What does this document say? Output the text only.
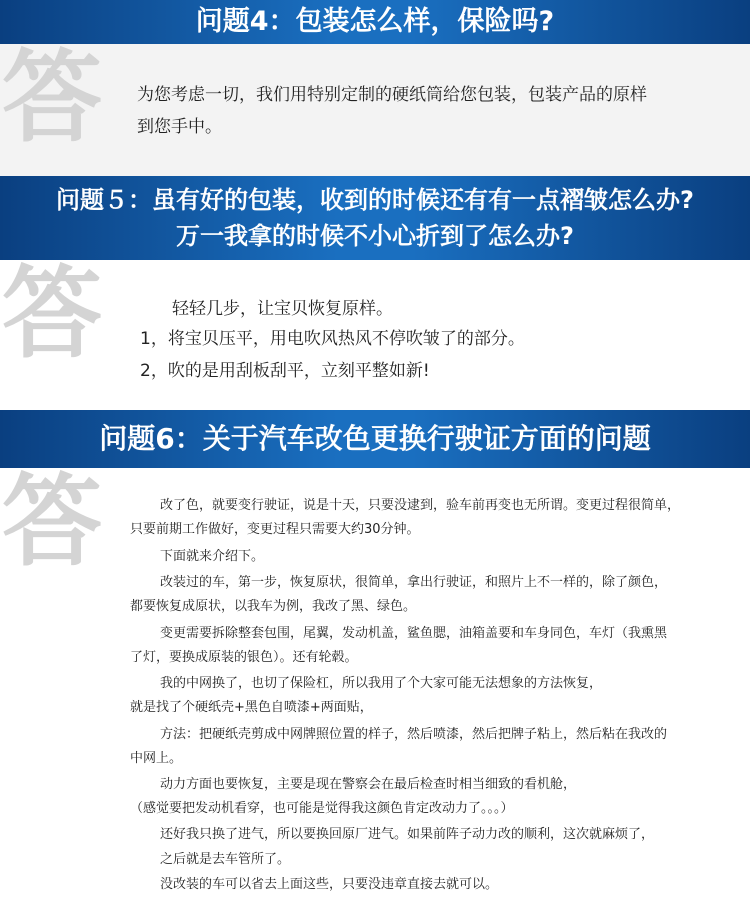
问题4：包装怎么样，保险吗?
答 为您考虑一切，我们用特别定制的硬纸筒给您包装，包装产品的原样
到您手中。
问题５：虽有好的包装，收到的时候还有有一点褶皱怎么办?
万一我拿的时候不小心折到了怎么办?
答	轻轻几步，让宝贝恢复原样。
1，将宝贝压平，用电吹风热风不停吹皱了的部分。
2，吹的是用刮板刮平，立刻平整如新!
问题6：关于汽车改色更换行驶证方面的问题
答	改了色，就要变行驶证，说是十天，只要没逮到，验车前再变也无所谓。变更过程很简单，
只要前期工作做好，变更过程只需要大约30分钟。
下面就来介绍下。
改装过的车，第一步，恢复原状，很简单，拿出行驶证，和照片上不一样的，除了颜色，
都要恢复成原状，以我车为例，我改了黑、绿色。
变更需要拆除整套包围，尾翼，发动机盖，鲨鱼腮，油箱盖要和车身同色，车灯（我熏黑
了灯，要换成原装的银色）。还有轮毂。
我的中网换了，也切了保险杠，所以我用了个大家可能无法想象的方法恢复，
就是找了个硬纸壳+黑色自喷漆+两面贴，
方法：把硬纸壳剪成中网牌照位置的样子，然后喷漆，然后把牌子粘上，然后粘在我改的
中网上。
动力方面也要恢复，主要是现在警察会在最后检查时相当细致的看机舱，
（感觉要把发动机看穿，也可能是觉得我这颜色肯定改动力了。。。）
还好我只换了进气，所以要换回原厂进气。如果前阵子动力改的顺利，这次就麻烦了，
之后就是去车管所了。
没改装的车可以省去上面这些，只要没违章直接去就可以。
